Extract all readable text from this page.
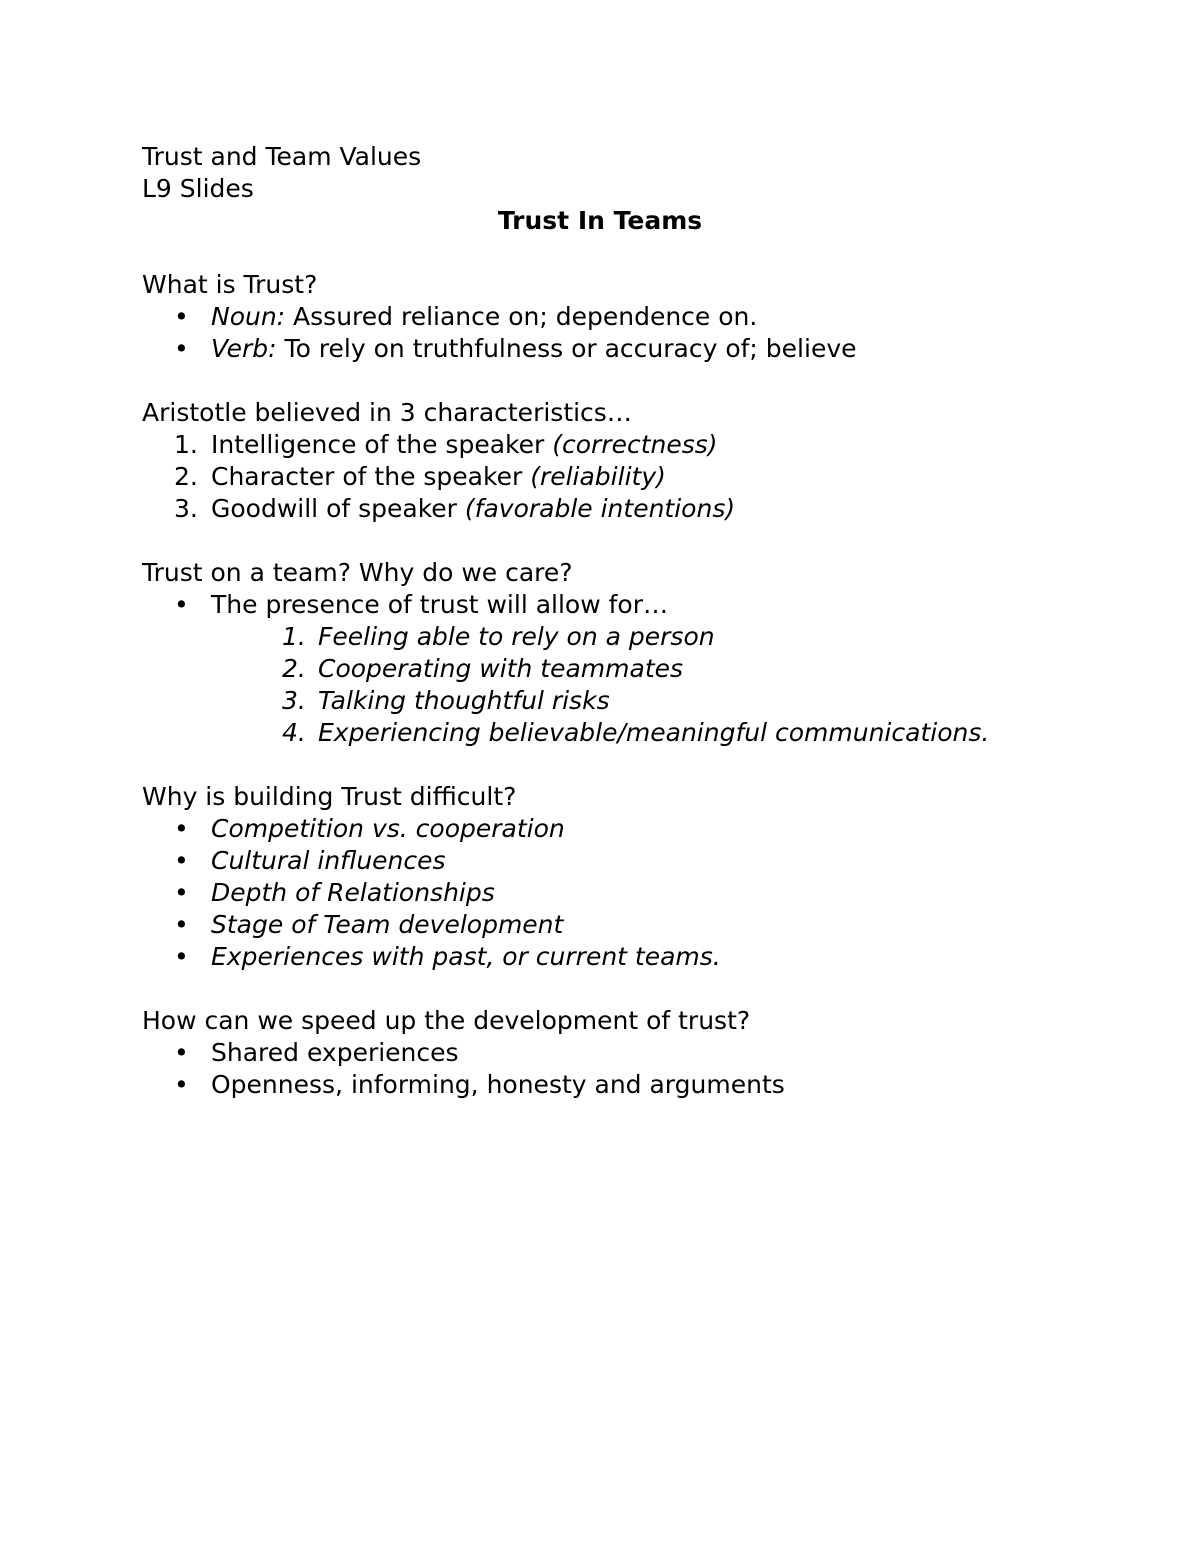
Trust and Team Values
L9 Slides
Trust In Teams
What is Trust?
• Noun: Assured reliance on; dependence on.
• Verb: To rely on truthfulness or accuracy of; believe
Aristotle believed in 3 characteristics…
1. Intelligence of the speaker (correctness)
2. Character of the speaker (reliability)
3. Goodwill of speaker (favorable intentions)
Trust on a team? Why do we care?
• The presence of trust will allow for…
1. Feeling able to rely on a person
2. Cooperating with teammates
3. Talking thoughtful risks
4. Experiencing believable/meaningful communications.
Why is building Trust difficult?
• Competition vs. cooperation
• Cultural influences
• Depth of Relationships
• Stage of Team development
• Experiences with past, or current teams.
How can we speed up the development of trust?
• Shared experiences
• Openness, informing, honesty and arguments
